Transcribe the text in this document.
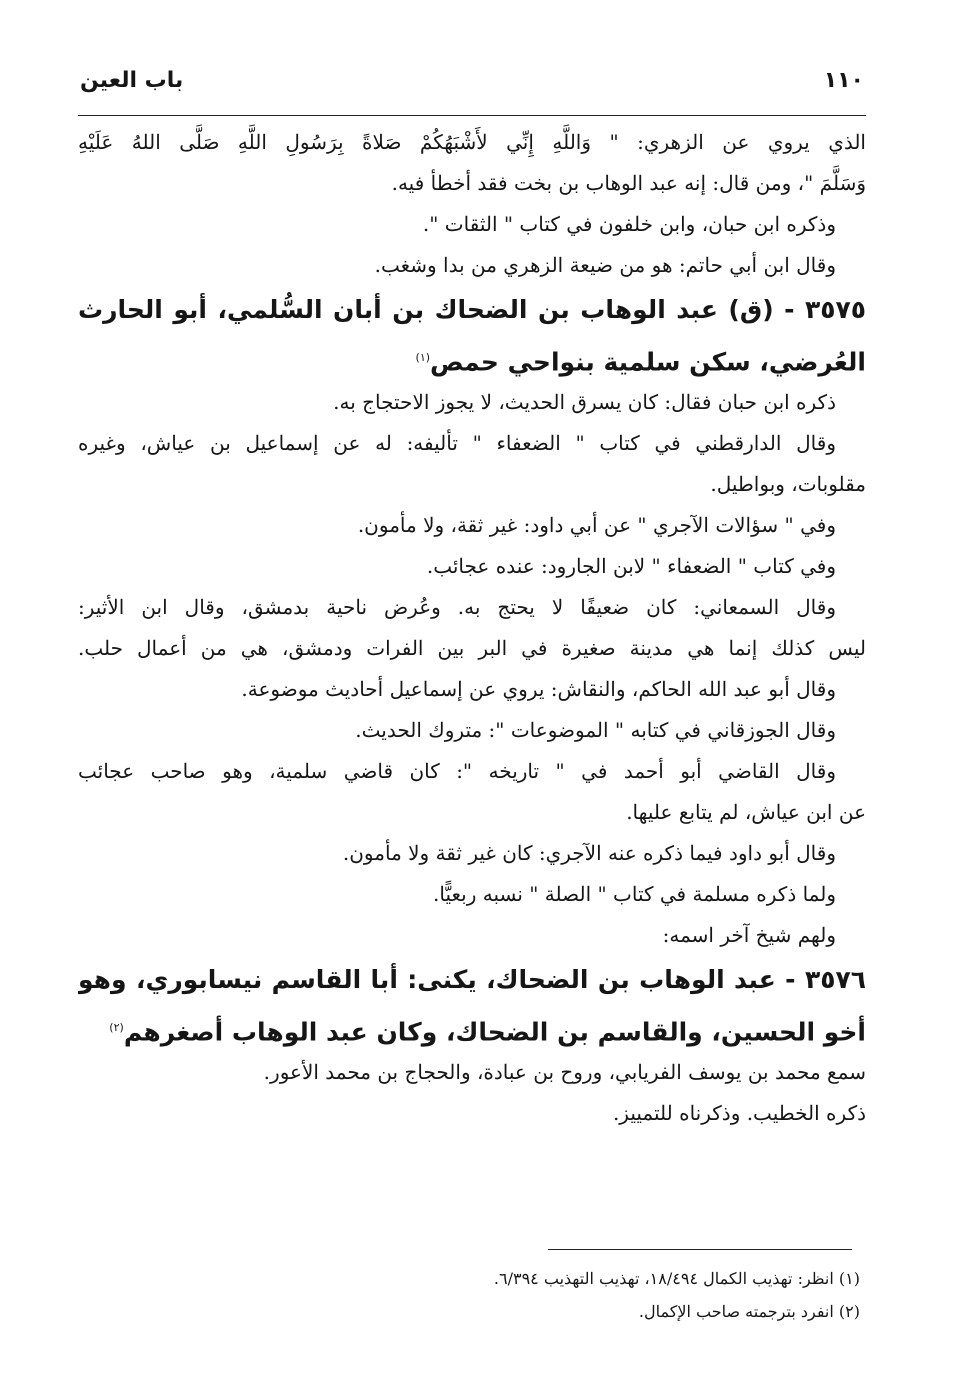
١١٠
باب العين
الذي يروي عن الزهري: " وَاللَّهِ إِنِّي لأَشْبَهُكُمْ صَلاةً بِرَسُولِ اللَّهِ صَلَّى اللهُ عَلَيْهِ
وَسَلَّمَ "، ومن قال: إنه عبد الوهاب بن بخت فقد أخطأ فيه.
وذكره ابن حبان، وابن خلفون في كتاب " الثقات ".
وقال ابن أبي حاتم: هو من ضيعة الزهري من بدا وشغب.
٣٥٧٥ - (ق) عبد الوهاب بن الضحاك بن أبان السُّلمي، أبو الحارث
العُرضي، سكن سلمية بنواحي حمص$^{(١)}$
ذكره ابن حبان فقال: كان يسرق الحديث، لا يجوز الاحتجاج به.
وقال الدارقطني في كتاب " الضعفاء " تأليفه: له عن إسماعيل بن عياش، وغيره
مقلوبات، وبواطيل.
وفي " سؤالات الآجري " عن أبي داود: غير ثقة، ولا مأمون.
وفي كتاب " الضعفاء " لابن الجارود: عنده عجائب.
وقال السمعاني: كان ضعيفًا لا يحتج به. وعُرض ناحية بدمشق، وقال ابن الأثير:
ليس كذلك إنما هي مدينة صغيرة في البر بين الفرات ودمشق، هي من أعمال حلب.
وقال أبو عبد الله الحاكم، والنقاش: يروي عن إسماعيل أحاديث موضوعة.
وقال الجوزقاني في كتابه " الموضوعات ": متروك الحديث.
وقال القاضي أبو أحمد في " تاريخه ": كان قاضي سلمية، وهو صاحب عجائب
عن ابن عياش، لم يتابع عليها.
وقال أبو داود فيما ذكره عنه الآجري: كان غير ثقة ولا مأمون.
ولما ذكره مسلمة في كتاب " الصلة " نسبه ربعيًّا.
ولهم شيخ آخر اسمه:
٣٥٧٦ - عبد الوهاب بن الضحاك، يكنى: أبا القاسم نيسابوري، وهو
أخو الحسين، والقاسم بن الضحاك، وكان عبد الوهاب أصغرهم$^{(٢)}$
سمع محمد بن يوسف الفريابي، وروح بن عبادة، والحجاج بن محمد الأعور.
ذكره الخطيب. وذكرناه للتمييز.
(١) انظر: تهذيب الكمال ١٨/٤٩٤، تهذيب التهذيب ٦/٣٩٤.
(٢) انفرد بترجمته صاحب الإكمال.
